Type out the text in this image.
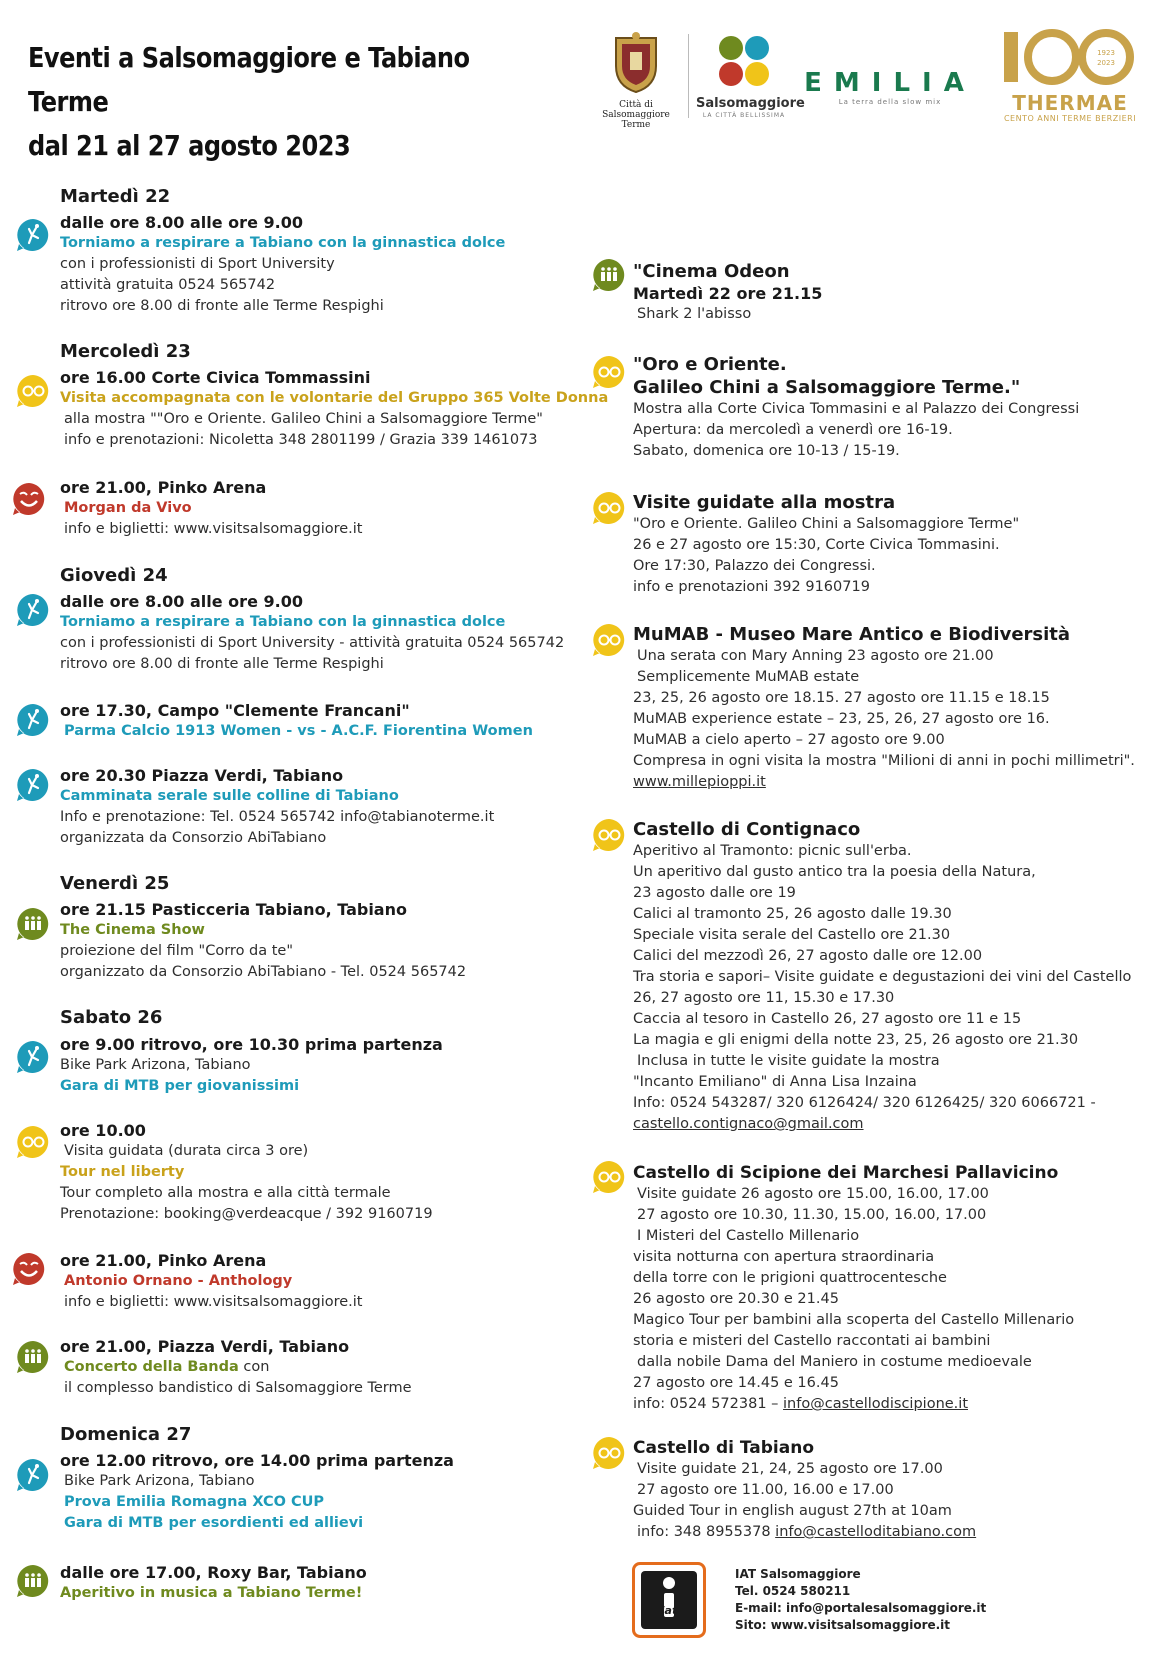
Eventi a Salsomaggiore e Tabiano Terme
dal 21 al 27 agosto 2023
Città di Salsomaggiore Terme
Salsomaggiore
LA CITTÀ BELLISSIMA
EMILIA
La terra della slow mix
1923
2023
THERMAE
CENTO ANNI TERME BERZIERI
Martedì 22
dalle ore 8.00 alle ore 9.00
Torniamo a respirare a Tabiano con la ginnastica dolce
con i professionisti di Sport University
attività gratuita 0524 565742
ritrovo ore 8.00 di fronte alle Terme Respighi
Mercoledì 23
ore 16.00 Corte Civica Tommassini
Visita accompagnata con le volontarie del Gruppo 365 Volte Donna
alla mostra ""Oro e Oriente. Galileo Chini a Salsomaggiore Terme"
info e prenotazioni: Nicoletta 348 2801199 / Grazia 339 1461073
ore 21.00, Pinko Arena
Morgan da Vivo
info e biglietti: www.visitsalsomaggiore.it
Giovedì 24
dalle ore 8.00 alle ore 9.00
Torniamo a respirare a Tabiano con la ginnastica dolce
con i professionisti di Sport University - attività gratuita 0524 565742
ritrovo ore 8.00 di fronte alle Terme Respighi
ore 17.30, Campo "Clemente Francani"
Parma Calcio 1913 Women - vs - A.C.F. Fiorentina Women
ore 20.30 Piazza Verdi, Tabiano
Camminata serale sulle colline di Tabiano
Info e prenotazione: Tel. 0524 565742 info@tabianoterme.it
organizzata da Consorzio AbiTabiano
Venerdì 25
ore 21.15 Pasticceria Tabiano, Tabiano
The Cinema Show
proiezione del film "Corro da te"
organizzato da Consorzio AbiTabiano - Tel. 0524 565742
Sabato 26
ore 9.00 ritrovo, ore 10.30 prima partenza
Bike Park Arizona, Tabiano
Gara di MTB per giovanissimi
ore 10.00
Visita guidata (durata circa 3 ore)
Tour nel liberty
Tour completo alla mostra e alla città termale
Prenotazione: booking@verdeacque / 392 9160719
ore 21.00, Pinko Arena
Antonio Ornano - Anthology
info e biglietti: www.visitsalsomaggiore.it
ore 21.00, Piazza Verdi, Tabiano
Concerto della Banda con
il complesso bandistico di Salsomaggiore Terme
Domenica 27
ore 12.00 ritrovo, ore 14.00 prima partenza
Bike Park Arizona, Tabiano
Prova Emilia Romagna XCO CUP
Gara di MTB per esordienti ed allievi
dalle ore 17.00, Roxy Bar, Tabiano
Aperitivo in musica a Tabiano Terme!
"Cinema Odeon
Martedì 22 ore 21.15
Shark 2 l'abisso
"Oro e Oriente.
Galileo Chini a Salsomaggiore Terme."
Mostra alla Corte Civica Tommasini e al Palazzo dei Congressi
Apertura: da mercoledì a venerdì ore 16-19.
Sabato, domenica ore 10-13 / 15-19.
Visite guidate alla mostra
"Oro e Oriente. Galileo Chini a Salsomaggiore Terme"
26 e 27 agosto ore 15:30, Corte Civica Tommasini.
Ore 17:30, Palazzo dei Congressi.
info e prenotazioni 392 9160719
MuMAB - Museo Mare Antico e Biodiversità
Una serata con Mary Anning 23 agosto ore 21.00
Semplicemente MuMAB estate
23, 25, 26 agosto ore 18.15. 27 agosto ore 11.15 e 18.15
MuMAB experience estate – 23, 25, 26, 27 agosto ore 16.
MuMAB a cielo aperto – 27 agosto ore 9.00
Compresa in ogni visita la mostra "Milioni di anni in pochi millimetri".
www.millepioppi.it
Castello di Contignaco
Aperitivo al Tramonto: picnic sull'erba.
Un aperitivo dal gusto antico tra la poesia della Natura,
23 agosto dalle ore 19
Calici al tramonto 25, 26 agosto dalle 19.30
Speciale visita serale del Castello ore 21.30
Calici del mezzodì 26, 27 agosto dalle ore 12.00
Tra storia e sapori– Visite guidate e degustazioni dei vini del Castello
26, 27 agosto ore 11, 15.30 e 17.30
Caccia al tesoro in Castello 26, 27 agosto ore 11 e 15
La magia e gli enigmi della notte 23, 25, 26 agosto ore 21.30
Inclusa in tutte le visite guidate la mostra
"Incanto Emiliano" di Anna Lisa Inzaina
Info: 0524 543287/ 320 6126424/ 320 6126425/ 320 6066721 -
castello.contignaco@gmail.com
Castello di Scipione dei Marchesi Pallavicino
Visite guidate 26 agosto ore 15.00, 16.00, 17.00
27 agosto ore 10.30, 11.30, 15.00, 16.00, 17.00
I Misteri del Castello Millenario
visita notturna con apertura straordinaria
della torre con le prigioni quattrocentesche
26 agosto ore 20.30 e 21.45
Magico Tour per bambini alla scoperta del Castello Millenario
storia e misteri del Castello raccontati ai bambini
dalla nobile Dama del Maniero in costume medioevale
27 agosto ore 14.45 e 16.45
info: 0524 572381 – info@castellodiscipione.it
Castello di Tabiano
Visite guidate 21, 24, 25 agosto ore 17.00
27 agosto ore 11.00, 16.00 e 17.00
Guided Tour in english august 27th at 10am
info: 348 8955378 info@castelloditabiano.com
iat
IAT Salsomaggiore
Tel. 0524 580211
E-mail: info@portalesalsomaggiore.it
Sito: www.visitsalsomaggiore.it
